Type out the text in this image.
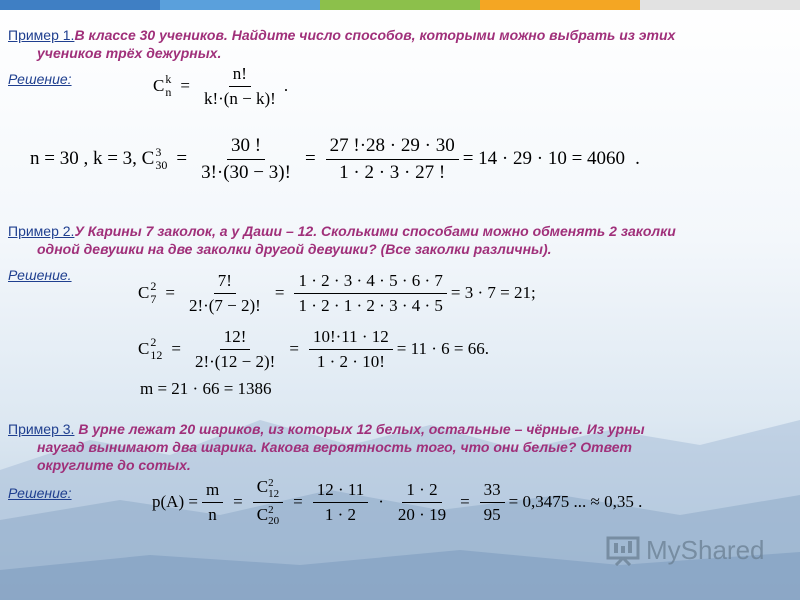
Пример 1.В классе 30 учеников. Найдите число способов, которыми можно выбрать из этих
учеников трёх дежурных.
Решение:	C k
$n = \frac{n!}{k!\cdot(n - k)!}$ .
n = 30 , k = 3, C 3
$30 = \frac{30 !}{3!\cdot(30 - 3)!} = \frac{27 !\cdot 28 \cdot 29 \cdot 30}{1 \cdot 2 \cdot 3 \cdot 27 !} = 14 \cdot 29 \cdot 10 = 4060$ .
Пример 2.У Карины 7 заколок, а у Даши – 12. Сколькими способами можно обменять 2 заколки
одной девушки на две заколки другой девушки? (Все заколки различны).
Решение.
C 2
$7 = \frac{7!}{2!\cdot(7 - 2)!} = \frac{1 \cdot 2 \cdot 3 \cdot 4 \cdot 5 \cdot 6 \cdot 7}{1 \cdot 2 \cdot 1 \cdot 2 \cdot 3 \cdot 4 \cdot 5} = 3 \cdot 7 = 21$;
C 2
$12 = \frac{12!}{2!\cdot(12 - 2)!} = \frac{10!\cdot 11 \cdot 12}{1 \cdot 2 \cdot 10!} = 11 \cdot 6 = 66$.
m = 21 · 66 = 1386
Пример 3. В урне лежат 20 шариков, из которых 12 белых, остальные – чёрные. Из урны
наугад вынимают два шарика. Какова вероятность того, что они белые? Ответ
округлите до сотых.
Решение:	$p(A) = \frac{m}{n} = C$ 2
12
C 2
$20 = \frac{12 \cdot 11}{1 \cdot 2} \cdot \frac{1 \cdot 2}{20 \cdot 19} = \frac{33}{95} = 0,3475$ ... ≈ 0,35 .
MyShared
